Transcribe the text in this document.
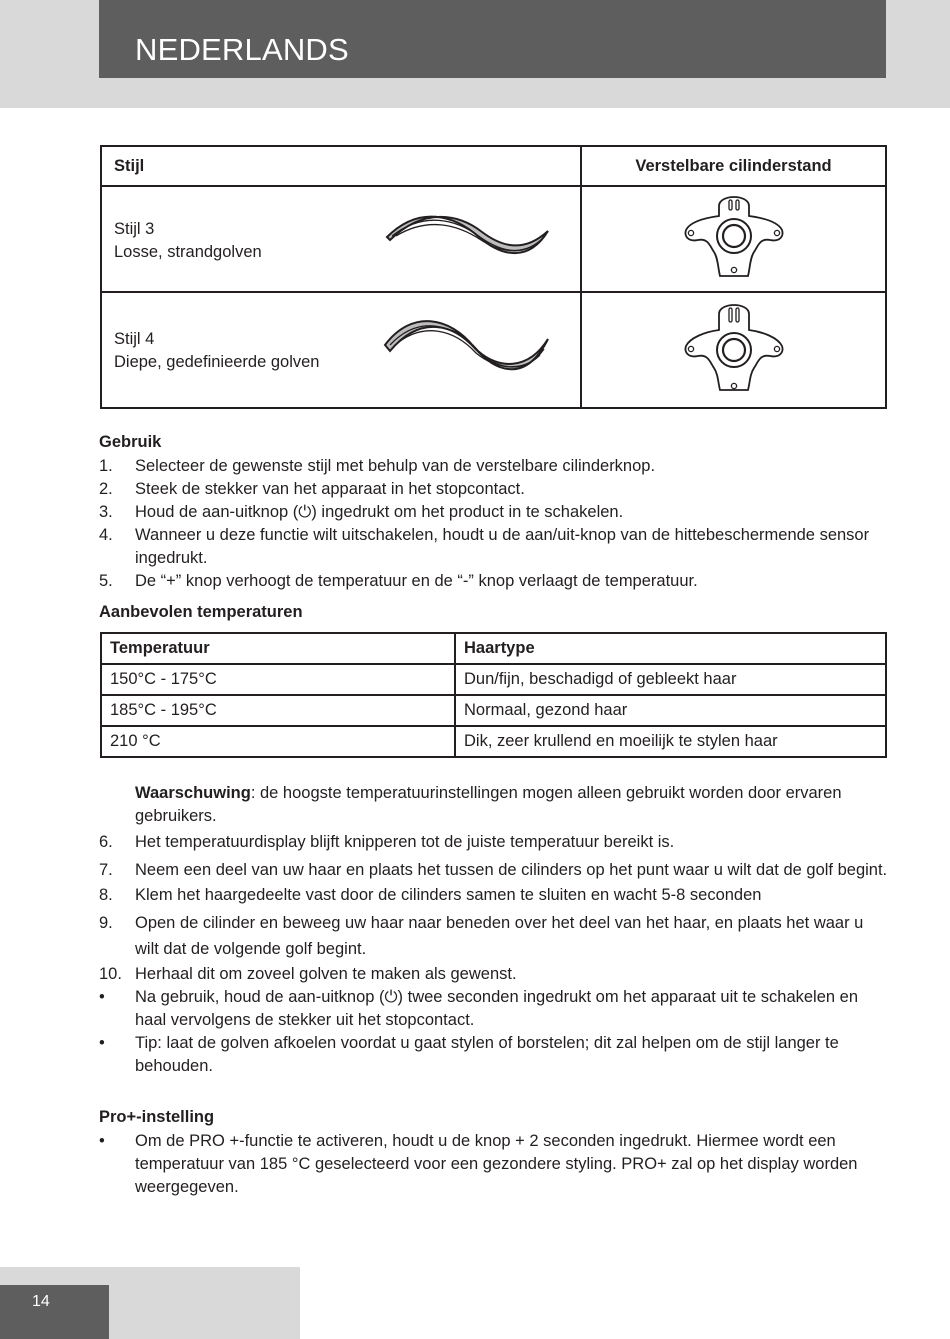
NEDERLANDS
Stijl	Verstelbare cilinderstand

Stijl 3
Losse, strandgolven

Stijl 4
Diepe, gedefinieerde golven

Gebruik
1. Selecteer de gewenste stijl met behulp van de verstelbare cilinderknop.
2. Steek de stekker van het apparaat in het stopcontact.
3. Houd de aan-uitknop (⏻) ingedrukt om het product in te schakelen.
4. Wanneer u deze functie wilt uitschakelen, houdt u de aan/uit-knop van de hittebeschermende sensor ingedrukt.
5. De “+” knop verhoogt de temperatuur en de “-” knop verlaagt de temperatuur.
Aanbevolen temperaturen
Temperatuur	Haartype
150°C - 175°C	Dun/fijn, beschadigd of gebleekt haar
185°C - 195°C	Normaal, gezond haar
210 °C	Dik, zeer krullend en moeilijk te stylen haar
Waarschuwing: de hoogste temperatuurinstellingen mogen alleen gebruikt worden door ervaren gebruikers.
6. Het temperatuurdisplay blijft knipperen tot de juiste temperatuur bereikt is.
7. Neem een deel van uw haar en plaats het tussen de cilinders op het punt waar u wilt dat de golf begint.
8. Klem het haargedeelte vast door de cilinders samen te sluiten en wacht 5-8 seconden
9. Open de cilinder en beweeg uw haar naar beneden over het deel van het haar, en plaats het waar u wilt dat de volgende golf begint.
10. Herhaal dit om zoveel golven te maken als gewenst.
• Na gebruik, houd de aan-uitknop (⏻) twee seconden ingedrukt om het apparaat uit te schakelen en haal vervolgens de stekker uit het stopcontact.
• Tip: laat de golven afkoelen voordat u gaat stylen of borstelen; dit zal helpen om de stijl langer te behouden.
Pro+-instelling
• Om de PRO +-functie te activeren, houdt u de knop + 2 seconden ingedrukt. Hiermee wordt een temperatuur van 185 °C geselecteerd voor een gezondere styling. PRO+ zal op het display worden weergegeven.
14
